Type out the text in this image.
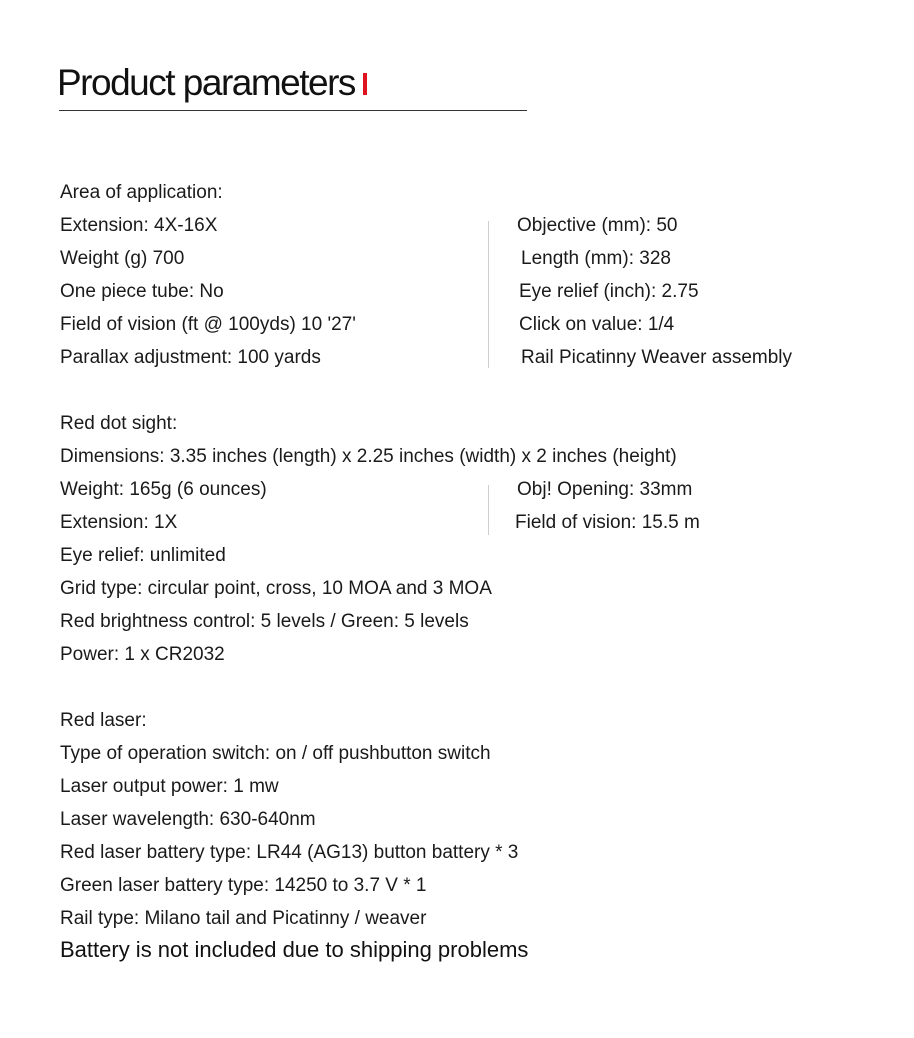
Product parameters
Area of application:
Extension: 4X-16X
Weight (g) 700
One piece tube: No
Field of vision (ft @ 100yds) 10 '27'
Parallax adjustment: 100 yards
Objective (mm): 50
Length (mm): 328
Eye relief (inch): 2.75
Click on value: 1/4
Rail Picatinny Weaver assembly
Red dot sight:
Dimensions: 3.35 inches (length) x 2.25 inches (width) x 2 inches (height)
Weight: 165g (6 ounces)
Extension: 1X
Obj! Opening: 33mm
Field of vision: 15.5 m
Eye relief: unlimited
Grid type: circular point, cross, 10 MOA and 3 MOA
Red brightness control: 5 levels / Green: 5 levels
Power: 1 x CR2032
Red laser:
Type of operation switch: on / off pushbutton switch
Laser output power: 1 mw
Laser wavelength: 630-640nm
Red laser battery type: LR44 (AG13) button battery * 3
Green laser battery type: 14250 to 3.7 V * 1
Rail type: Milano tail and Picatinny / weaver
Battery is not included due to shipping problems
